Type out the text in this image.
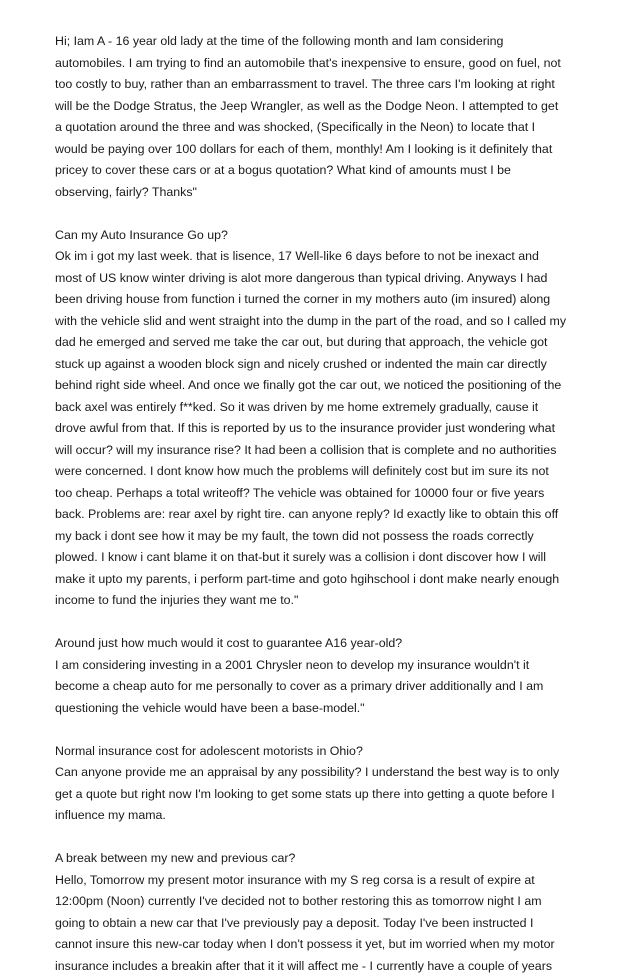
Hi; Iam A - 16 year old lady at the time of the following month and Iam considering
automobiles. I am trying to find an automobile that's inexpensive to ensure, good on fuel, not
too costly to buy, rather than an embarrassment to travel. The three cars I'm looking at right
will be the Dodge Stratus, the Jeep Wrangler, as well as the Dodge Neon. I attempted to get
a quotation around the three and was shocked, (Specifically in the Neon) to locate that I
would be paying over 100 dollars for each of them, monthly! Am I looking is it definitely that
pricey to cover these cars or at a bogus quotation? What kind of amounts must I be
observing, fairly? Thanks"
Can my Auto Insurance Go up?
Ok im i got my last week. that is lisence, 17 Well-like 6 days before to not be inexact and
most of US know winter driving is alot more dangerous than typical driving. Anyways I had
been driving house from function i turned the corner in my mothers auto (im insured) along
with the vehicle slid and went straight into the dump in the part of the road, and so I called my
dad he emerged and served me take the car out, but during that approach, the vehicle got
stuck up against a wooden block sign and nicely crushed or indented the main car directly
behind right side wheel. And once we finally got the car out, we noticed the positioning of the
back axel was entirely f**ked. So it was driven by me home extremely gradually, cause it
drove awful from that. If this is reported by us to the insurance provider just wondering what
will occur? will my insurance rise? It had been a collision that is complete and no authorities
were concerned. I dont know how much the problems will definitely cost but im sure its not
too cheap. Perhaps a total writeoff? The vehicle was obtained for 10000 four or five years
back. Problems are: rear axel by right tire. can anyone reply? Id exactly like to obtain this off
my back i dont see how it may be my fault, the town did not possess the roads correctly
plowed. I know i cant blame it on that-but it surely was a collision i dont discover how I will
make it upto my parents, i perform part-time and goto hgihschool i dont make nearly enough
income to fund the injuries they want me to."
Around just how much would it cost to guarantee A16 year-old?
I am considering investing in a 2001 Chrysler neon to develop my insurance wouldn't it
become a cheap auto for me personally to cover as a primary driver additionally and I am
questioning the vehicle would have been a base-model."
Normal insurance cost for adolescent motorists in Ohio?
Can anyone provide me an appraisal by any possibility? I understand the best way is to only
get a quote but right now I'm looking to get some stats up there into getting a quote before I
influence my mama.
A break between my new and previous car?
Hello, Tomorrow my present motor insurance with my S reg corsa is a result of expire at
12:00pm (Noon) currently I've decided not to bother restoring this as tomorrow night I am
going to obtain a new car that I've previously pay a deposit. Today I've been instructed I
cannot insure this new-car today when I don't possess it yet, but im worried when my motor
insurance includes a breakin after that it it will affect me - I currently have a couple of years
